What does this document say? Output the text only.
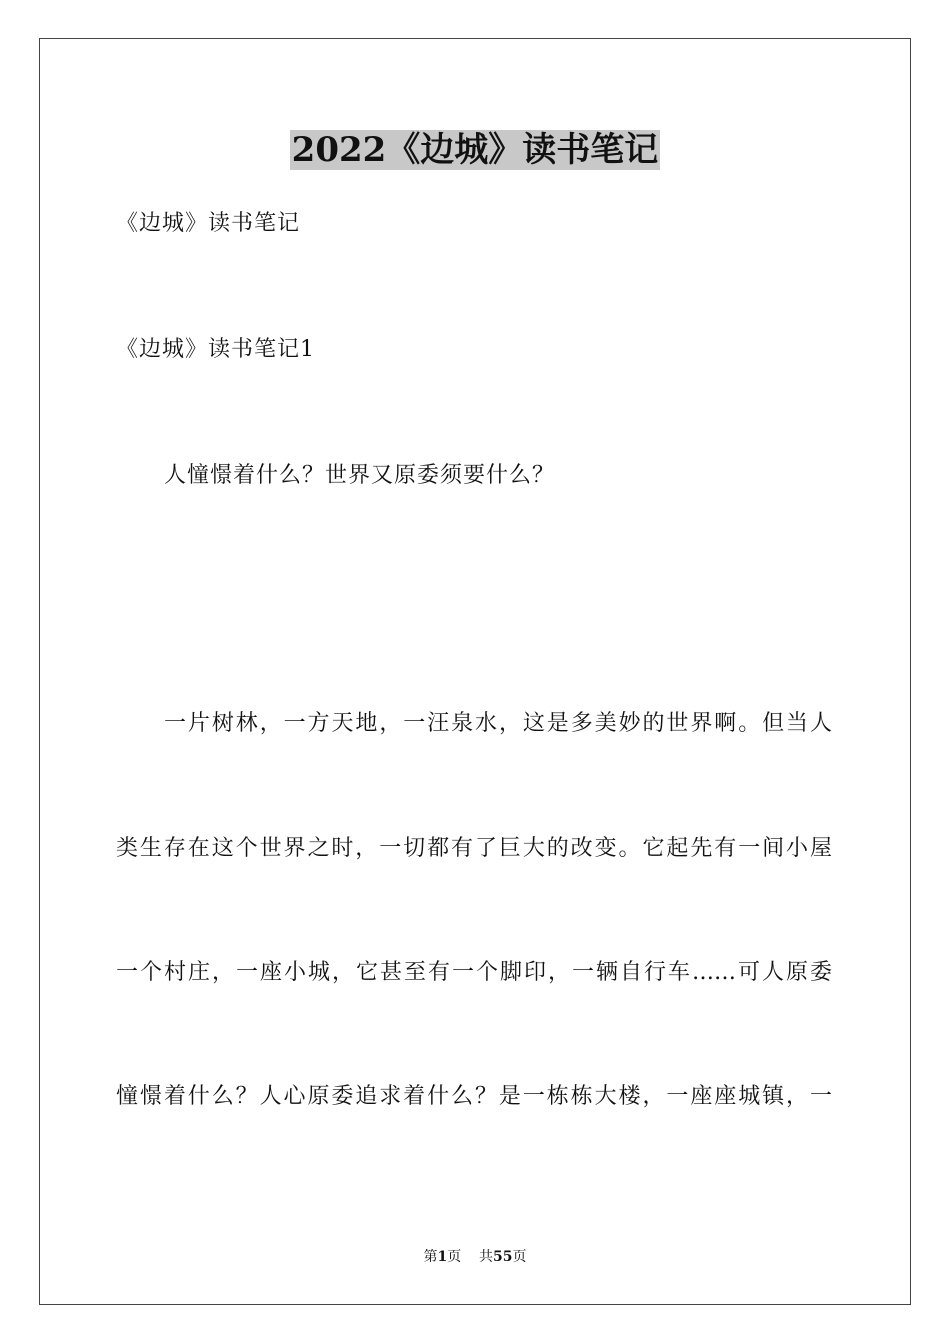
2022《边城》读书笔记
《边城》读书笔记
《边城》读书笔记1
人憧憬着什么？世界又原委须要什么？
一片树林，一方天地，一汪泉水，这是多美妙的世界啊。但当人
类生存在这个世界之时，一切都有了巨大的改变。它起先有一间小屋
一个村庄，一座小城，它甚至有一个脚印，一辆自行车……可人原委
憧憬着什么？人心原委追求着什么？是一栋栋大楼，一座座城镇，一
第1页 共55页
